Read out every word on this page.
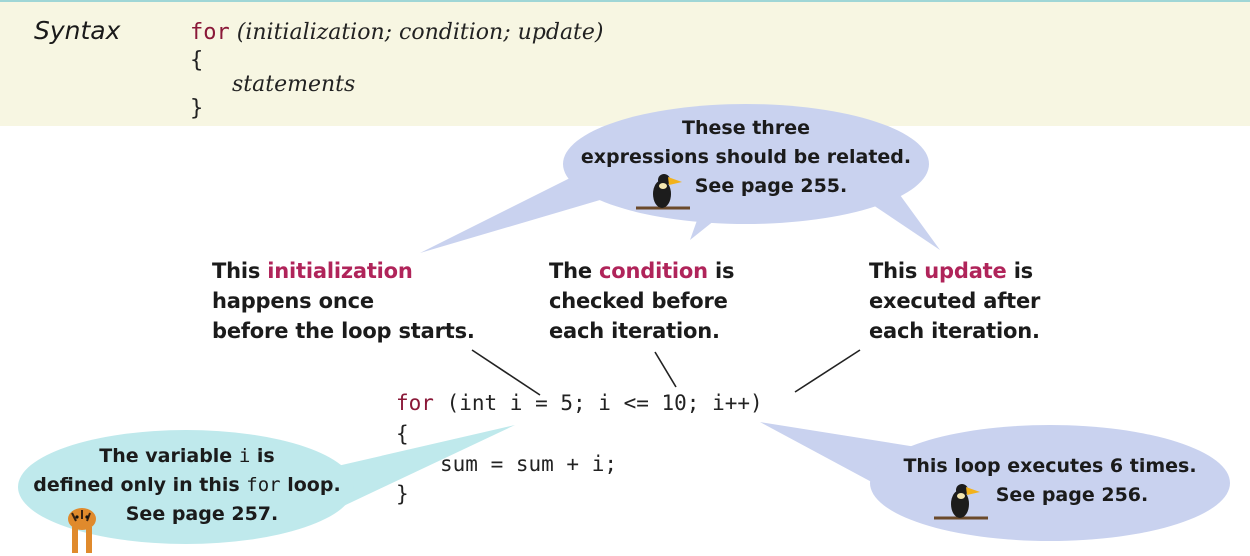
Syntax	for (initialization; condition; update)
{
statements
}
These three
expressions should be related.
See page 255.
This initialization
happens once
before the loop starts.
The condition is
checked before
each iteration.
This update is
executed after
each iteration.
for (int i = 5; i <= 10; i++)
{
sum = sum + i;
}
The variable i is
defined only in this for loop.
See page 257.
This loop executes 6 times.
See page 256.
